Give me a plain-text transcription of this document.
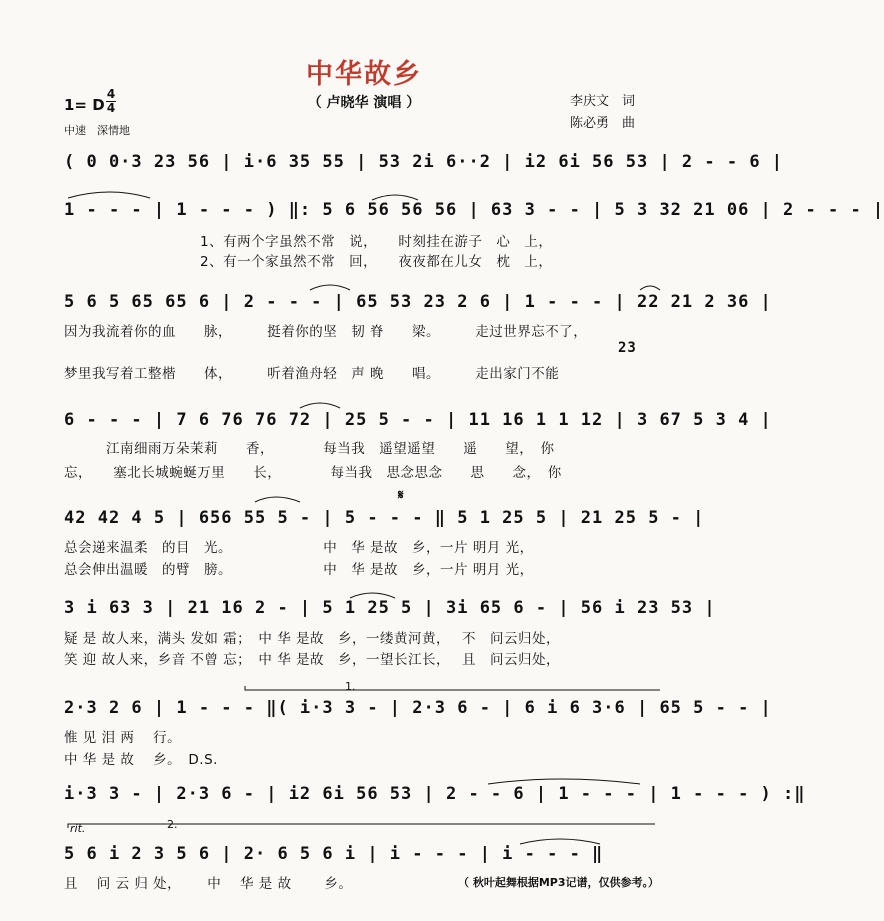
中华故乡
（ 卢晓华 演唱 ）
1= D
4
4
中速　深情地
李庆文　词
陈必勇　曲
( 0 0·3 23 56 | i·6 35 55 | 53 2i 6··2 | i2 6i 56 53 | 2 - - 6 |
1 - - - | 1 - - - ) ‖: 5 6 56 56 56 | 63 3 - - | 5 3 32 21 06 | 2 - - - |
1、有两个字虽然不常　说，　　时刻挂在游子　心　上，
2、有一个家虽然不常　回，　　夜夜都在儿女　枕　上，
5 6 5 65 65 6 | 2 - - - | 65 53 23 2 6 | 1 - - - | 22 21 2 36 |
因为我流着你的血　　脉，　　　挺着你的坚　韧 脊　　梁。　　　走过世界忘不了，
23
梦里我写着工整楷　　体，　　　听着渔舟轻　声 晚　　唱。　　　走出家门不能
6 - - - | 7 6 76 76 72 | 25 5 - - | 11 16 1 1 12 | 3 67 5 3 4 |
　　　江南细雨万朵茉莉　　香，　　　　每当我　遥望遥望　　遥　　望，　你
忘，　　塞北长城蜿蜒万里　　长，　　　　每当我　思念思念　　思　　念，　你
𝄋
42 42 4 5 | 656 55 5 - | 5 - - - ‖ 5 1 25 5 | 21 25 5 - |
总会递来温柔　的目　光。　　　　　　　中　华 是故　乡，一片 明月 光，
总会伸出温暖　的臂　膀。　　　　　　　中　华 是故　乡，一片 明月 光，
3 i 63 3 | 21 16 2 - | 5 1 25 5 | 3i 65 6 - | 56 i 23 53 |
疑 是 故人来，满头 发如 霜；　中 华 是故　乡，一缕黄河黄，　 不　问云归处，
笑 迎 故人来，乡音 不曾 忘；　中 华 是故　乡，一望长江长，　 且　问云归处，
1.
2·3 2 6 | 1 - - - ‖( i·3 3 - | 2·3 6 - | 6 i 6 3·6 | 65 5 - - |
惟 见 泪 两　 行。
中 华 是 故　 乡。　D.S.
i·3 3 - | 2·3 6 - | i2 6i 56 53 | 2 - - 6 | 1 - - - | 1 - - - ) :‖
rit.	2.
5 6 i 2 3 5 6 | 2· 6 5 6 i | i - - - | i - - - ‖
且　 问 云 归 处，　　 中　 华 是 故　　 乡。	（ 秋叶起舞根据MP3记谱，仅供参考。）
